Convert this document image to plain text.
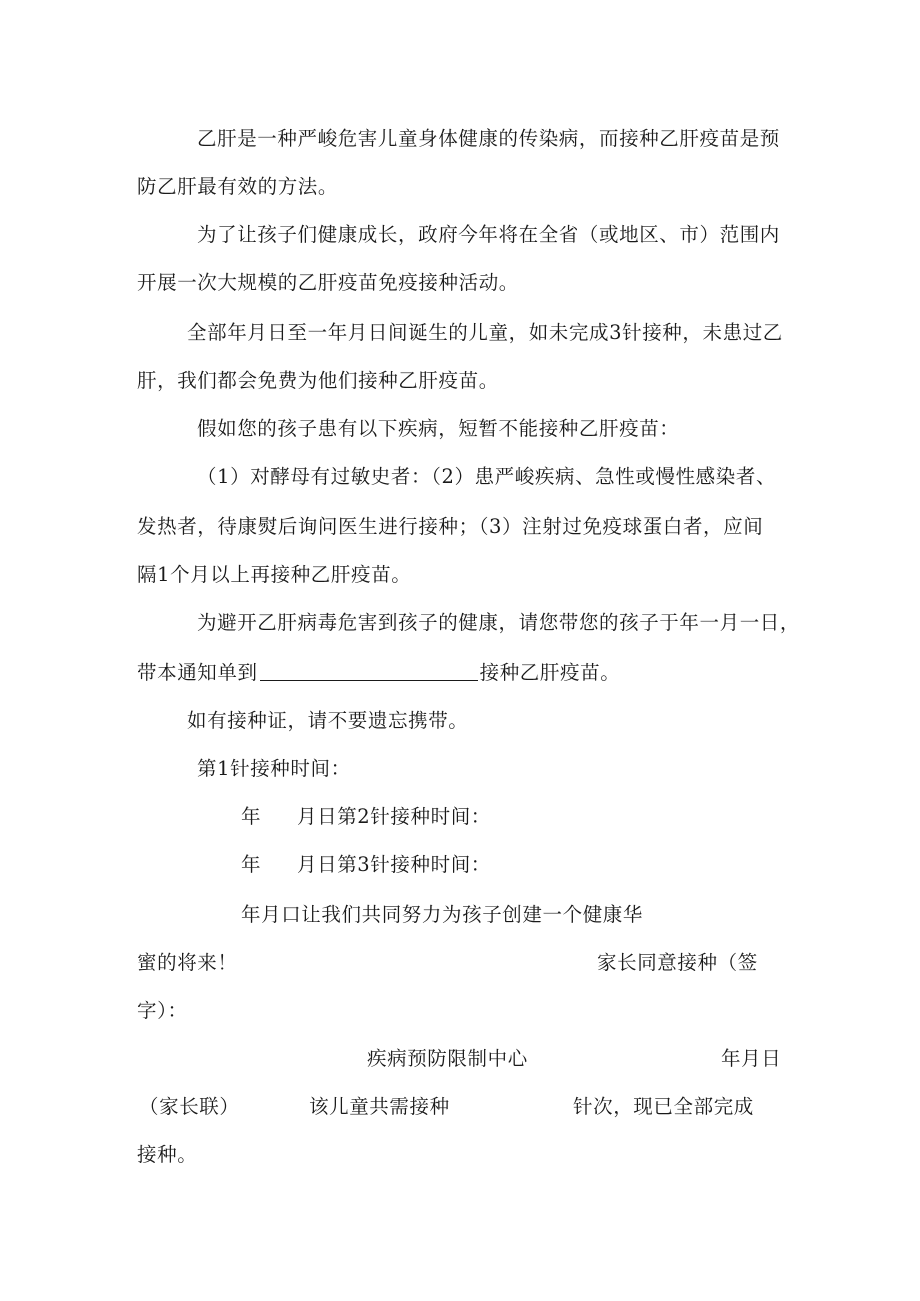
乙肝是一种严峻危害儿童身体健康的传染病，而接种乙肝疫苗是预
防乙肝最有效的方法。
为了让孩子们健康成长，政府今年将在全省（或地区、市）范围内
开展一次大规模的乙肝疫苗免疫接种活动。
全部年月日至一年月日间诞生的儿童，如未完成3针接种，未患过乙
肝，我们都会免费为他们接种乙肝疫苗。
假如您的孩子患有以下疾病，短暂不能接种乙肝疫苗：
（1）对酵母有过敏史者：（2）患严峻疾病、急性或慢性感染者、
发热者，待康熨后询问医生进行接种；（3）注射过免疫球蛋白者，应间
隔1个月以上再接种乙肝疫苗。
为避开乙肝病毒危害到孩子的健康，请您带您的孩子于年一月一日，
带本通知单到	接种乙肝疫苗。
如有接种证，请不要遗忘携带。
第1针接种时间：
年 月日第2针接种时间：
年 月日第3针接种时间：
年月口让我们共同努力为孩子创建一个健康华
蜜的将来！	家长同意接种（签
字）：
疾病预防限制中心	年月日
（家长联）	该儿童共需接种	针次，现已全部完成
接种。
